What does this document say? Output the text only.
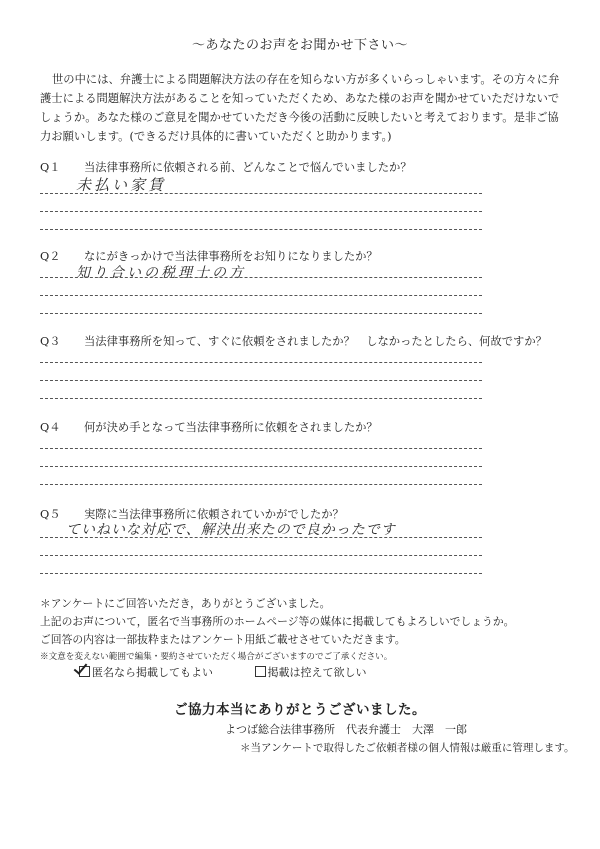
〜あなたのお声をお聞かせ下さい〜
世の中には、弁護士による問題解決方法の存在を知らない方が多くいらっしゃいます。その方々に弁護士による問題解決方法があることを知っていただくため、あなた様のお声を聞かせていただけないでしょうか。あなた様のご意見を聞かせていただき今後の活動に反映したいと考えております。是非ご協力お願いします。(できるだけ具体的に書いていただくと助かります。)
Q１	当法律事務所に依頼される前、どんなことで悩んでいましたか？
未払い家賃
Q２	なにがきっかけで当法律事務所をお知りになりましたか？
知り合いの税理士の方
Q３	当法律事務所を知って、すぐに依頼をされましたか？　しなかったとしたら、何故ですか？
Q４	何が決め手となって当法律事務所に依頼をされましたか？
Q５	実際に当法律事務所に依頼されていかがでしたか？
ていねいな対応で、解決出来たので良かったです
＊アンケートにご回答いただき，ありがとうございました。
上記のお声について，匿名で当事務所のホームページ等の媒体に掲載してもよろしいでしょうか。
ご回答の内容は一部抜粋またはアンケート用紙ご載せさせていただきます。
※文意を変えない範囲で編集・要約させていただく場合がございますのでご了承ください。
匿名なら掲載してもよい	掲載は控えて欲しい
ご協力本当にありがとうございました。
よつば総合法律事務所　代表弁護士　大澤　一郎
＊当アンケートで取得したご依頼者様の個人情報は厳重に管理します。
